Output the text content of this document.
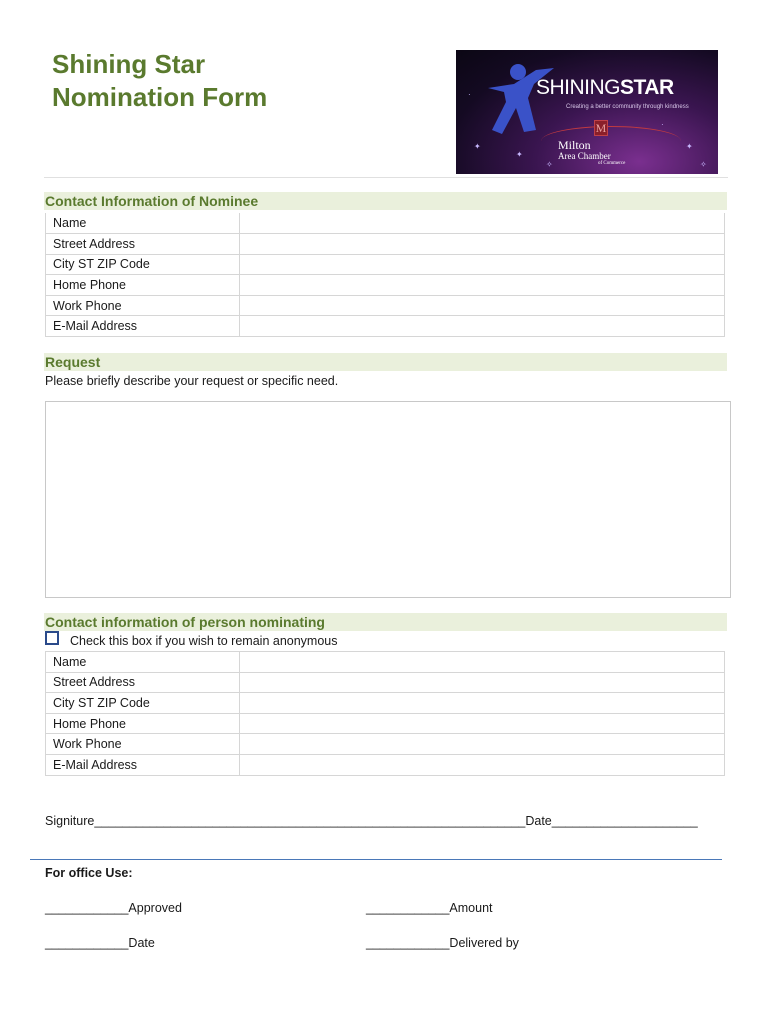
Shining Star
Nomination Form
✦
✦
✦
✧
·
·
✧
SHININGSTAR
Creating a better community through kindness
M
Milton
Area Chamber
of Commerce
Contact Information of Nominee
Name	
Street Address	
City ST ZIP Code	
Home Phone	
Work Phone	
E-Mail Address	
Request
Please briefly describe your request or specific need.
Contact information of person nominating
Check this box if you wish to remain anonymous
Name	
Street Address	
City ST ZIP Code	
Home Phone	
Work Phone	
E-Mail Address	
Signiture______________________________________________________________Date_____________________
For office Use:
____________Approved	____________Amount
____________Date	____________Delivered by
